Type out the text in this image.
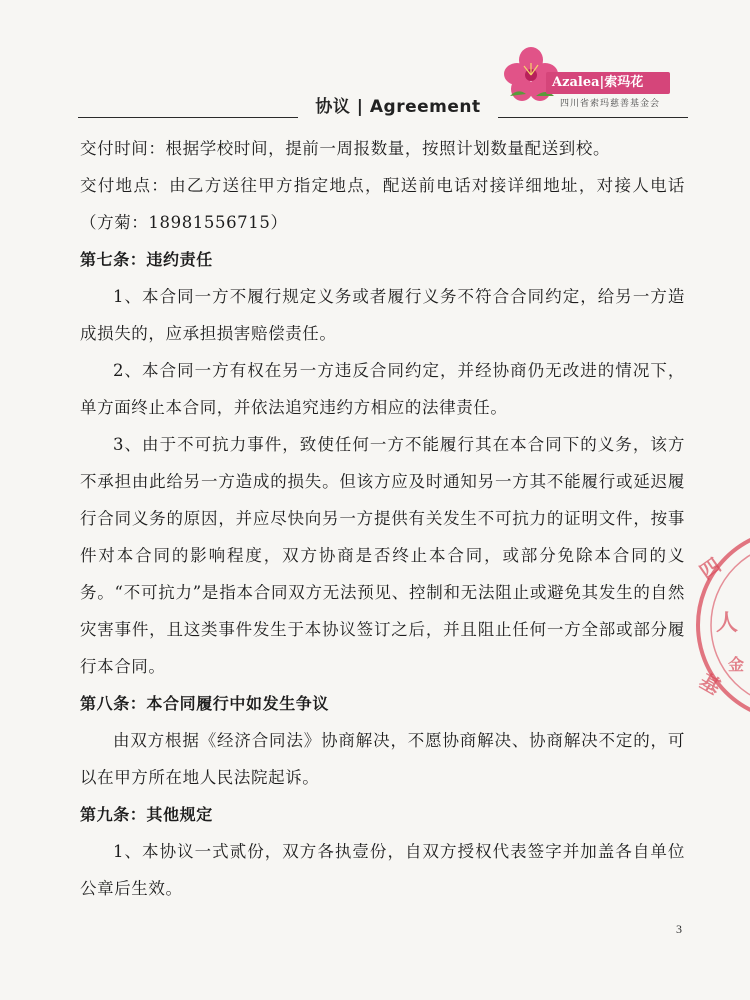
协议 | Agreement
Azalea|索玛花
四川省索玛慈善基金会

交付时间：根据学校时间，提前一周报数量，按照计划数量配送到校。

交付地点：由乙方送往甲方指定地点，配送前电话对接详细地址，对接人电话（方菊：18981556715）

第七条：违约责任

1、本合同一方不履行规定义务或者履行义务不符合合同约定，给另一方造成损失的，应承担损害赔偿责任。

2、本合同一方有权在另一方违反合同约定，并经协商仍无改进的情况下，单方面终止本合同，并依法追究违约方相应的法律责任。

3、由于不可抗力事件，致使任何一方不能履行其在本合同下的义务，该方不承担由此给另一方造成的损失。但该方应及时通知另一方其不能履行或延迟履行合同义务的原因，并应尽快向另一方提供有关发生不可抗力的证明文件，按事件对本合同的影响程度，双方协商是否终止本合同，或部分免除本合同的义务。“不可抗力”是指本合同双方无法预见、控制和无法阻止或避免其发生的自然灾害事件，且这类事件发生于本协议签订之后，并且阻止任何一方全部或部分履行本合同。

第八条：本合同履行中如发生争议

由双方根据《经济合同法》协商解决，不愿协商解决、协商解决不定的，可以在甲方所在地人民法院起诉。

第九条：其他规定

1、本协议一式贰份，双方各执壹份，自双方授权代表签字并加盖各自单位公章后生效。

四
人
基
金
3
